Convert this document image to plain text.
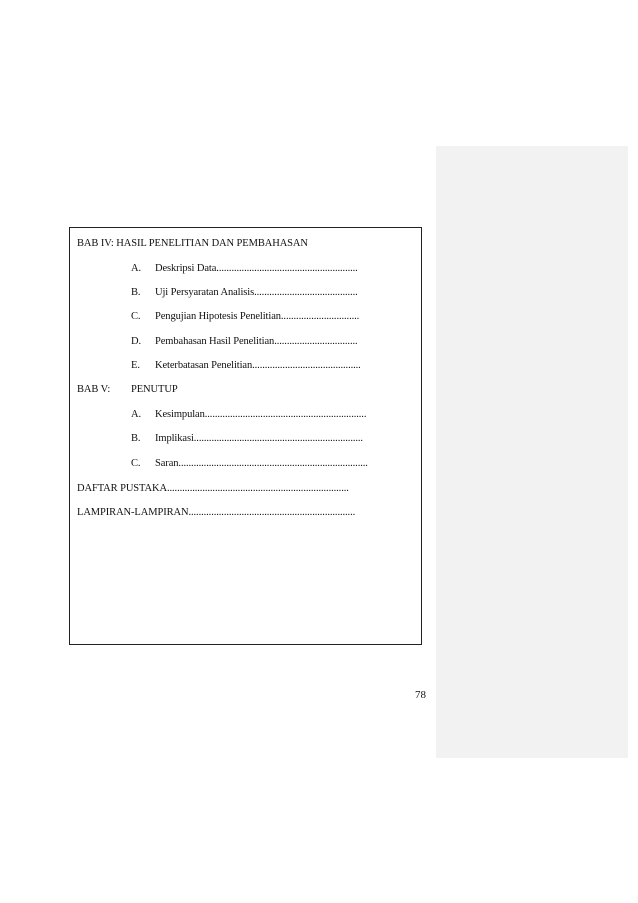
BAB IV: HASIL PENELITIAN DAN PEMBAHASAN
A. Deskripsi Data........................................................
B. Uji Persyaratan Analisis.........................................
C. Pengujian Hipotesis Penelitian...............................
D. Pembahasan Hasil Penelitian.................................
E. Keterbatasan Penelitian...........................................
BAB V: PENUTUP
A. Kesimpulan................................................................
B. Implikasi...................................................................
C. Saran...........................................................................
DAFTAR PUSTAKA........................................................................
LAMPIRAN-LAMPIRAN..................................................................
78
